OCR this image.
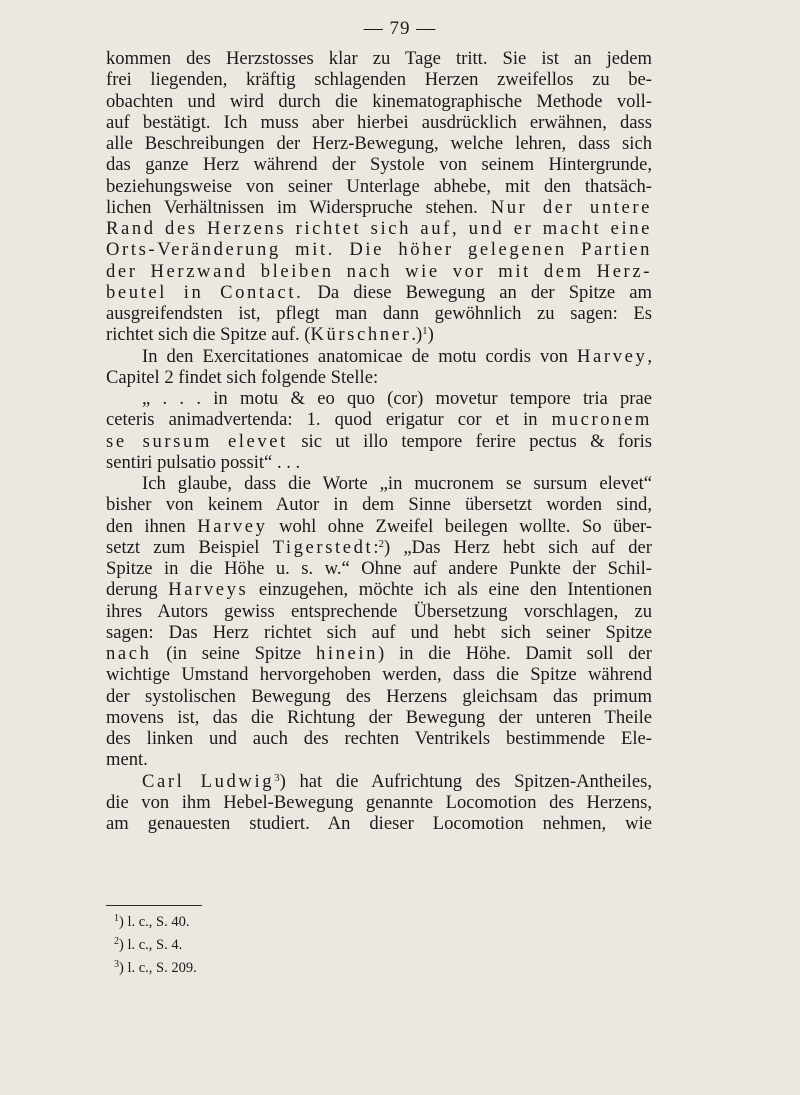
— 79 —
kommen des Herzstosses klar zu Tage tritt. Sie ist an jedem
frei liegenden, kräftig schlagenden Herzen zweifellos zu be-
obachten und wird durch die kinematographische Methode voll-
auf bestätigt. Ich muss aber hierbei ausdrücklich erwähnen, dass
alle Beschreibungen der Herz-Bewegung, welche lehren, dass sich
das ganze Herz während der Systole von seinem Hintergrunde,
beziehungsweise von seiner Unterlage abhebe, mit den thatsäch-
lichen Verhältnissen im Widerspruche stehen. Nur der untere
Rand des Herzens richtet sich auf, und er macht eine
Orts-Veränderung mit. Die höher gelegenen Partien
der Herzwand bleiben nach wie vor mit dem Herz-
beutel in Contact. Da diese Bewegung an der Spitze am
ausgreifendsten ist, pflegt man dann gewöhnlich zu sagen: Es
richtet sich die Spitze auf. (Kürschner.)$^1$)
In den Exercitationes anatomicae de motu cordis von Harvey,
Capitel 2 findet sich folgende Stelle:
„ . . . in motu & eo quo (cor) movetur tempore tria prae
ceteris animadvertenda: 1. quod erigatur cor et in mucronem
se sursum elevet sic ut illo tempore ferire pectus & foris
sentiri pulsatio possit“ . . .
Ich glaube, dass die Worte „in mucronem se sursum elevet“
bisher von keinem Autor in dem Sinne übersetzt worden sind,
den ihnen Harvey wohl ohne Zweifel beilegen wollte. So über-
setzt zum Beispiel Tigerstedt:$^2$) „Das Herz hebt sich auf der
Spitze in die Höhe u. s. w.“ Ohne auf andere Punkte der Schil-
derung Harveys einzugehen, möchte ich als eine den Intentionen
ihres Autors gewiss entsprechende Übersetzung vorschlagen, zu
sagen: Das Herz richtet sich auf und hebt sich seiner Spitze
nach (in seine Spitze hinein) in die Höhe. Damit soll der
wichtige Umstand hervorgehoben werden, dass die Spitze während
der systolischen Bewegung des Herzens gleichsam das primum
movens ist, das die Richtung der Bewegung der unteren Theile
des linken und auch des rechten Ventrikels bestimmende Ele-
ment.
Carl Ludwig$^3$) hat die Aufrichtung des Spitzen-Antheiles,
die von ihm Hebel-Bewegung genannte Locomotion des Herzens,
am genauesten studiert. An dieser Locomotion nehmen, wie
$^1$) l. c., S. 40.
$^2$) l. c., S. 4.
$^3$) l. c., S. 209.
